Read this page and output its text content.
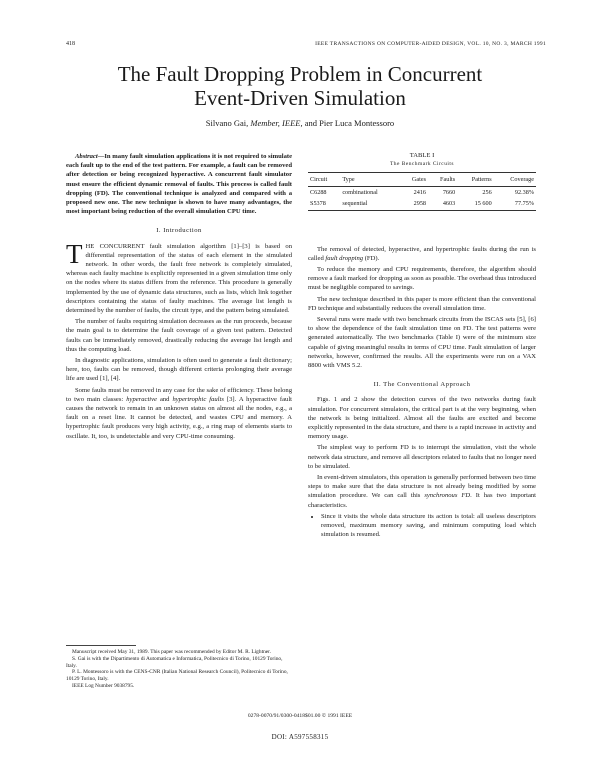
418	IEEE TRANSACTIONS ON COMPUTER-AIDED DESIGN, VOL. 10, NO. 3, MARCH 1991
The Fault Dropping Problem in Concurrent
Event-Driven Simulation
Silvano Gai, Member, IEEE, and Pier Luca Montessoro

Abstract—In many fault simulation applications it is not required to simulate each fault up to the end of the test pattern. For example, a fault can be removed after detection or being recognized hyperactive. A concurrent fault simulator must ensure the efficient dynamic removal of faults. This process is called fault dropping (FD). The conventional technique is analyzed and compared with a proposed new one. The new technique is shown to have many advantages, the most important being reduction of the overall simulation CPU time.

I. Introduction

THE CONCURRENT fault simulation algorithm [1]–[3] is based on differential representation of the status of each element in the simulated network. In other words, the fault free network is completely simulated, whereas each faulty machine is explicitly represented in a given simulation time only on the nodes where its status differs from the reference. This procedure is generally implemented by the use of dynamic data structures, such as lists, which link together descriptors containing the status of faulty machines. The average list length is determined by the number of faults, the circuit type, and the pattern being simulated.

The number of faults requiring simulation decreases as the run proceeds, because the main goal is to determine the fault coverage of a given test pattern. Detected faults can be immediately removed, drastically reducing the average list length and thus the computing load.

In diagnostic applications, simulation is often used to generate a fault dictionary; here, too, faults can be removed, though different criteria prolonging their average life are used [1], [4].

Some faults must be removed in any case for the sake of efficiency. These belong to two main classes: hyperactive and hypertrophic faults [3]. A hyperactive fault causes the network to remain in an unknown status on almost all the nodes, e.g., a fault on a reset line. It cannot be detected, and wastes CPU and memory. A hypertrophic fault produces very high activity, e.g., a ring map of elements starts to oscillate. It, too, is undetectable and very CPU-time consuming.

Manuscript received May 31, 1989. This paper was recommended by Editor M. R. Lightner.

S. Gai is with the Dipartimento di Automatica e Informatica, Politecnico di Torino, 10129 Torino, Italy.

P. L. Montessoro is with the CENS-CNR (Italian National Research Council), Politecnico di Torino, 10129 Torino, Italy.

IEEE Log Number 9038795.

TABLE I
The Benchmark Circuits
Circuit	Type	Gates	Faults	Patterns	Coverage
C6288	combinational	2416	7660	256	92.38%
S5378	sequential	2958	4603	15 600	77.75%

The removal of detected, hyperactive, and hypertrophic faults during the run is called fault dropping (FD).

To reduce the memory and CPU requirements, therefore, the algorithm should remove a fault marked for dropping as soon as possible. The overhead thus introduced must be negligible compared to savings.

The new technique described in this paper is more efficient than the conventional FD technique and substantially reduces the overall simulation time.

Several runs were made with two benchmark circuits from the ISCAS sets [5], [6] to show the dependence of the fault simulation time on FD. The test patterns were generated automatically. The two benchmarks (Table I) were of the minimum size capable of giving meaningful results in terms of CPU time. Fault simulation of larger networks, however, confirmed the results. All the experiments were run on a VAX 8800 with VMS 5.2.

II. The Conventional Approach

Figs. 1 and 2 show the detection curves of the two networks during fault simulation. For concurrent simulators, the critical part is at the very beginning, when the network is being initialized. Almost all the faults are excited and become explicitly represented in the data structure, and there is a rapid increase in activity and memory usage.

The simplest way to perform FD is to interrupt the simulation, visit the whole network data structure, and remove all descriptors related to faults that no longer need to be simulated.

In event-driven simulators, this operation is generally performed between two time steps to make sure that the data structure is not already being modified by some simulation procedure. We can call this synchronous FD. It has two important characteristics.

• Since it visits the whole data structure its action is total: all useless descriptors removed, maximum memory saving, and minimum computing load which simulation is resumed.
0278-0070/91/0300-0418$01.00 © 1991 IEEE
DOI: A597558315
